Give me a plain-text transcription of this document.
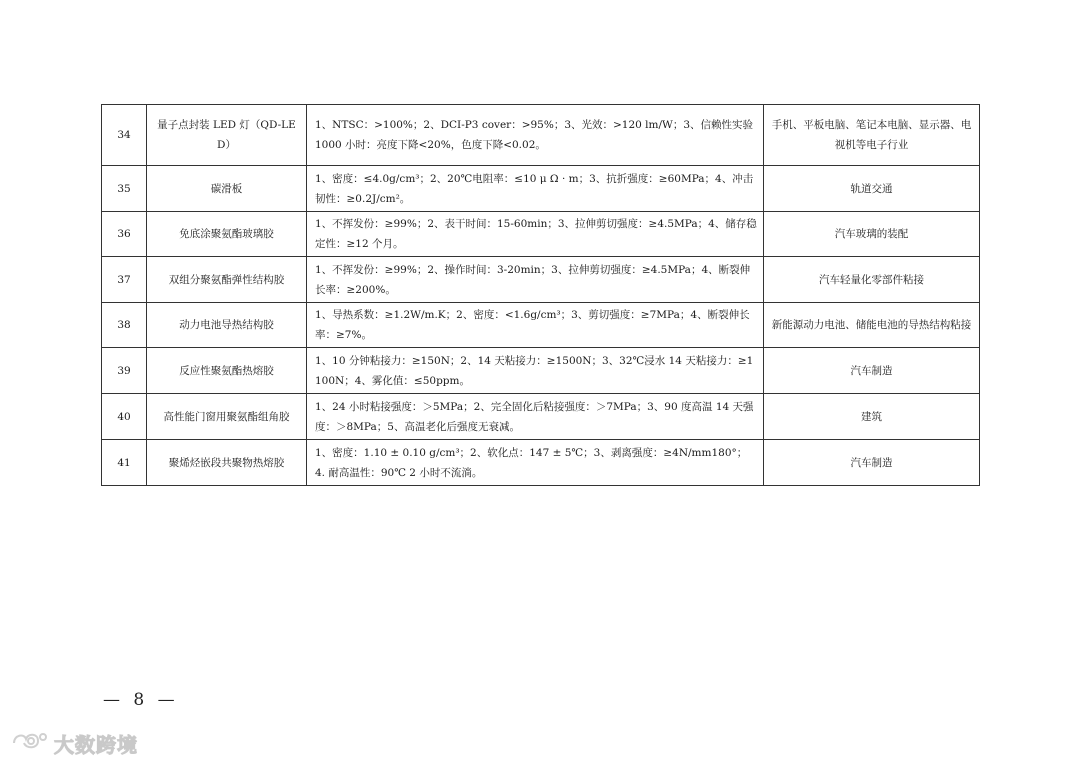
34	量子点封装 LED 灯（QD-LED）	1、NTSC：>100%；2、DCI-P3 cover：>95%；3、光效：>120 lm/W；3、信赖性实验 1000 小时：亮度下降<20%，色度下降<0.02。	手机、平板电脑、笔记本电脑、显示器、电视机等电子行业
35	碳滑板	1、密度：≤4.0g/cm³；2、20℃电阻率：≤10 μ Ω · m；3、抗折强度：≥60MPa；4、冲击韧性：≥0.2J/cm²。	轨道交通
36	免底涂聚氨酯玻璃胶	1、不挥发份：≥99%；2、表干时间：15-60min；3、拉伸剪切强度：≥4.5MPa；4、储存稳定性：≥12 个月。	汽车玻璃的装配
37	双组分聚氨酯弹性结构胶	1、不挥发份：≥99%；2、操作时间：3-20min；3、拉伸剪切强度：≥4.5MPa；4、断裂伸长率：≥200%。	汽车轻量化零部件粘接
38	动力电池导热结构胶	1、导热系数：≥1.2W/m.K；2、密度：<1.6g/cm³；3、剪切强度：≥7MPa；4、断裂伸长率：≥7%。	新能源动力电池、储能电池的导热结构粘接
39	反应性聚氨酯热熔胶	1、10 分钟粘接力：≥150N；2、14 天粘接力：≥1500N；3、32℃浸水 14 天粘接力：≥1100N；4、雾化值：≤50ppm。	汽车制造
40	高性能门窗用聚氨酯组角胶	1、24 小时粘接强度：＞5MPa；2、完全固化后粘接强度：＞7MPa；3、90 度高温 14 天强度：＞8MPa；5、高温老化后强度无衰减。	建筑
41	聚烯烃嵌段共聚物热熔胶	1、密度：1.10 ± 0.10 g/cm³；2、软化点：147 ± 5℃；3、剥离强度：≥4N/mm180°；4. 耐高温性：90℃ 2 小时不流淌。	汽车制造
— 8 —
大数跨境
